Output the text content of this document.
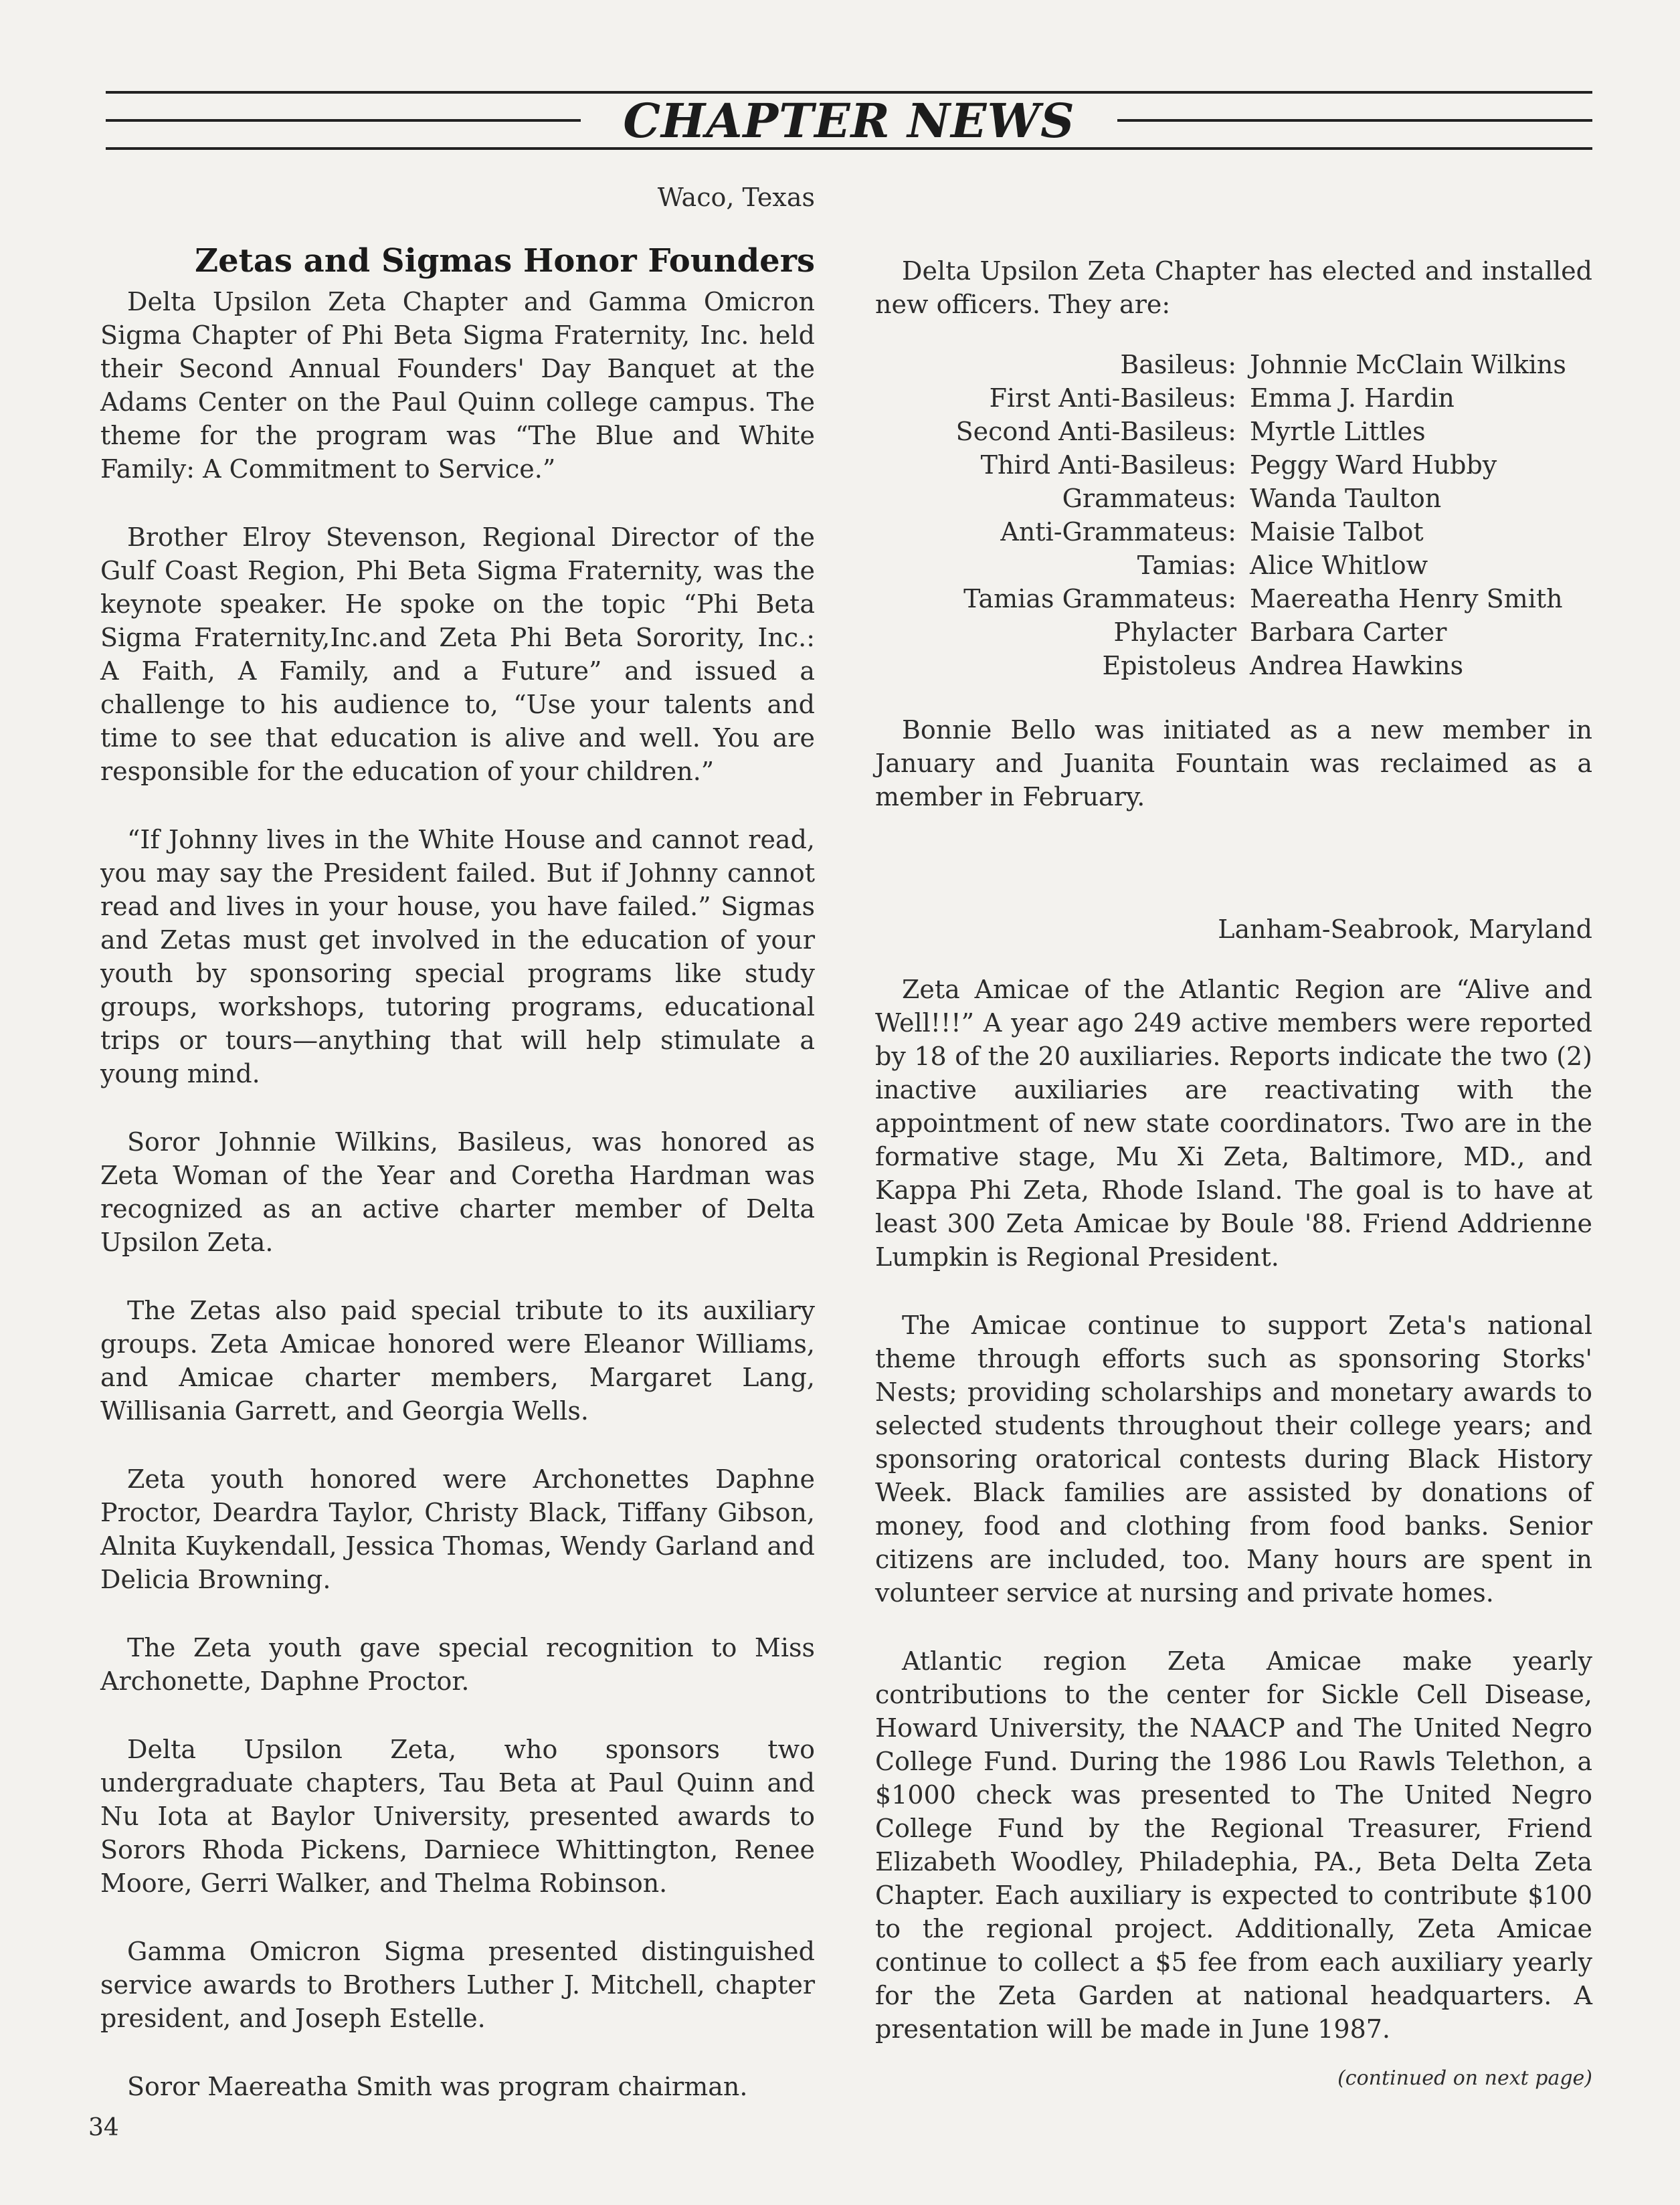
CHAPTER NEWS
Waco, Texas
Zetas and Sigmas Honor Founders

Delta Upsilon Zeta Chapter and Gamma Omicron Sigma Chapter of Phi Beta Sigma Fraternity, Inc. held their Second Annual Founders' Day Banquet at the Adams Center on the Paul Quinn college campus. The theme for the program was “The Blue and White Family: A Commitment to Service.”

Brother Elroy Stevenson, Regional Director of the Gulf Coast Region, Phi Beta Sigma Fraternity, was the keynote speaker. He spoke on the topic “Phi Beta Sigma Fraternity,Inc.and Zeta Phi Beta Sorority, Inc.: A Faith, A Family, and a Future” and issued a challenge to his audience to, “Use your talents and time to see that education is alive and well. You are responsible for the education of your children.”

“If Johnny lives in the White House and cannot read, you may say the President failed. But if Johnny cannot read and lives in your house, you have failed.” Sigmas and Zetas must get involved in the education of your youth by sponsoring special programs like study groups, workshops, tutoring programs, educational trips or tours—anything that will help stimulate a young mind.

Soror Johnnie Wilkins, Basileus, was honored as Zeta Woman of the Year and Coretha Hardman was recognized as an active charter member of Delta Upsilon Zeta.

The Zetas also paid special tribute to its auxiliary groups. Zeta Amicae honored were Eleanor Williams, and Amicae charter members, Margaret Lang, Willisania Garrett, and Georgia Wells.

Zeta youth honored were Archonettes Daphne Proctor, Deardra Taylor, Christy Black, Tiffany Gibson, Alnita Kuykendall, Jessica Thomas, Wendy Garland and Delicia Browning.

The Zeta youth gave special recognition to Miss Archonette, Daphne Proctor.

Delta Upsilon Zeta, who sponsors two undergraduate chapters, Tau Beta at Paul Quinn and Nu Iota at Baylor University, presented awards to Sorors Rhoda Pickens, Darniece Whittington, Renee Moore, Gerri Walker, and Thelma Robinson.

Gamma Omicron Sigma presented distinguished service awards to Brothers Luther J. Mitchell, chapter president, and Joseph Estelle.

Soror Maereatha Smith was program chairman.

Delta Upsilon Zeta Chapter has elected and installed new officers. They are:

Basileus:	Johnnie McClain Wilkins
First Anti-Basileus:	Emma J. Hardin
Second Anti-Basileus:	Myrtle Littles
Third Anti-Basileus:	Peggy Ward Hubby
Grammateus:	Wanda Taulton
Anti-Grammateus:	Maisie Talbot
Tamias:	Alice Whitlow
Tamias Grammateus:	Maereatha Henry Smith
Phylacter	Barbara Carter
Epistoleus	Andrea Hawkins

Bonnie Bello was initiated as a new member in January and Juanita Fountain was reclaimed as a member in February.

Lanham-Seabrook, Maryland

Zeta Amicae of the Atlantic Region are “Alive and Well!!!” A year ago 249 active members were reported by 18 of the 20 auxiliaries. Reports indicate the two (2) inactive auxiliaries are reactivating with the appointment of new state coordinators. Two are in the formative stage, Mu Xi Zeta, Baltimore, MD., and Kappa Phi Zeta, Rhode Island. The goal is to have at least 300 Zeta Amicae by Boule '88. Friend Addrienne Lumpkin is Regional President.

The Amicae continue to support Zeta's national theme through efforts such as sponsoring Storks' Nests; providing scholarships and monetary awards to selected students throughout their college years; and sponsoring oratorical contests during Black History Week. Black families are assisted by donations of money, food and clothing from food banks. Senior citizens are included, too. Many hours are spent in volunteer service at nursing and private homes.

Atlantic region Zeta Amicae make yearly contributions to the center for Sickle Cell Disease, Howard University, the NAACP and The United Negro College Fund. During the 1986 Lou Rawls Telethon, a $1000 check was presented to The United Negro College Fund by the Regional Treasurer, Friend Elizabeth Woodley, Philadephia, PA., Beta Delta Zeta Chapter. Each auxiliary is expected to contribute $100 to the regional project. Additionally, Zeta Amicae continue to collect a $5 fee from each auxiliary yearly for the Zeta Garden at national headquarters. A presentation will be made in June 1987.

(continued on next page)
34
